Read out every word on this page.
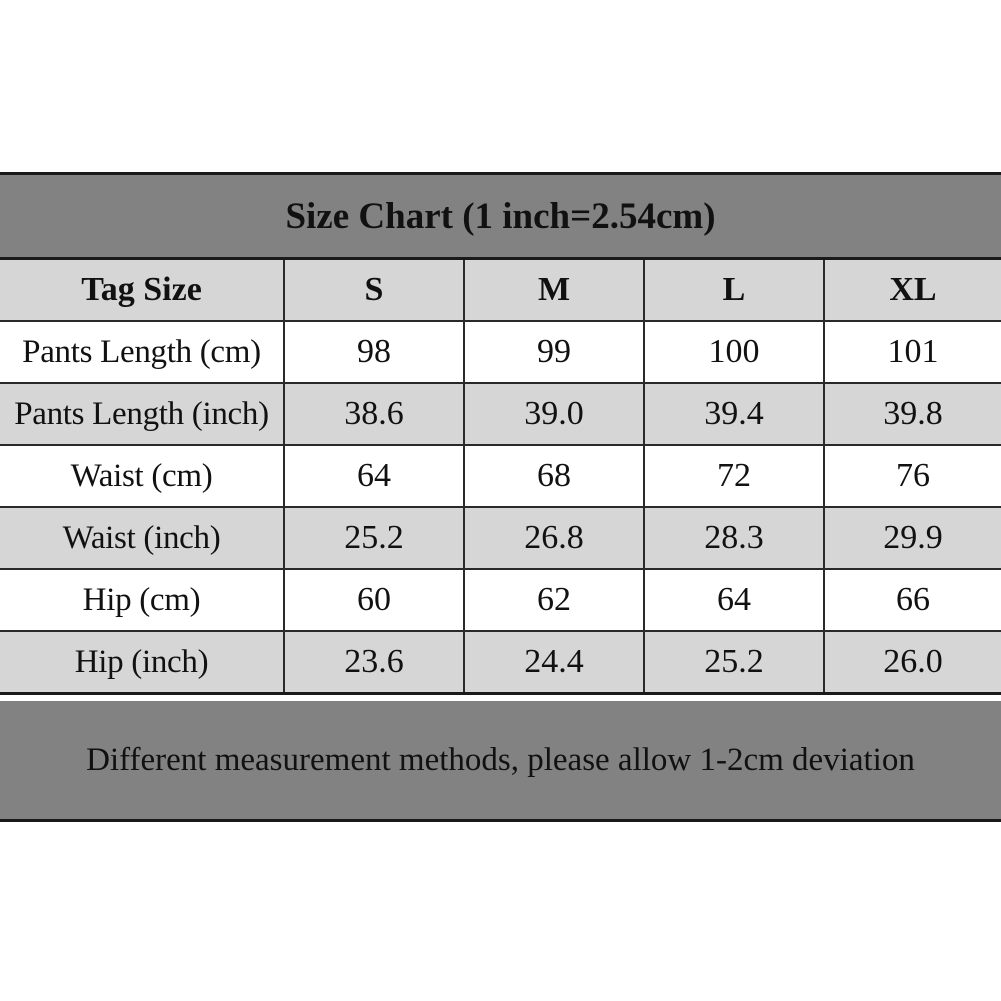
Size Chart (1 inch=2.54cm)
Tag Size	S	M	L	XL
Pants Length (cm)	98	99	100	101
Pants Length (inch)	38.6	39.0	39.4	39.8
Waist (cm)	64	68	72	76
Waist (inch)	25.2	26.8	28.3	29.9
Hip (cm)	60	62	64	66
Hip (inch)	23.6	24.4	25.2	26.0
Different measurement methods, please allow 1-2cm deviation
